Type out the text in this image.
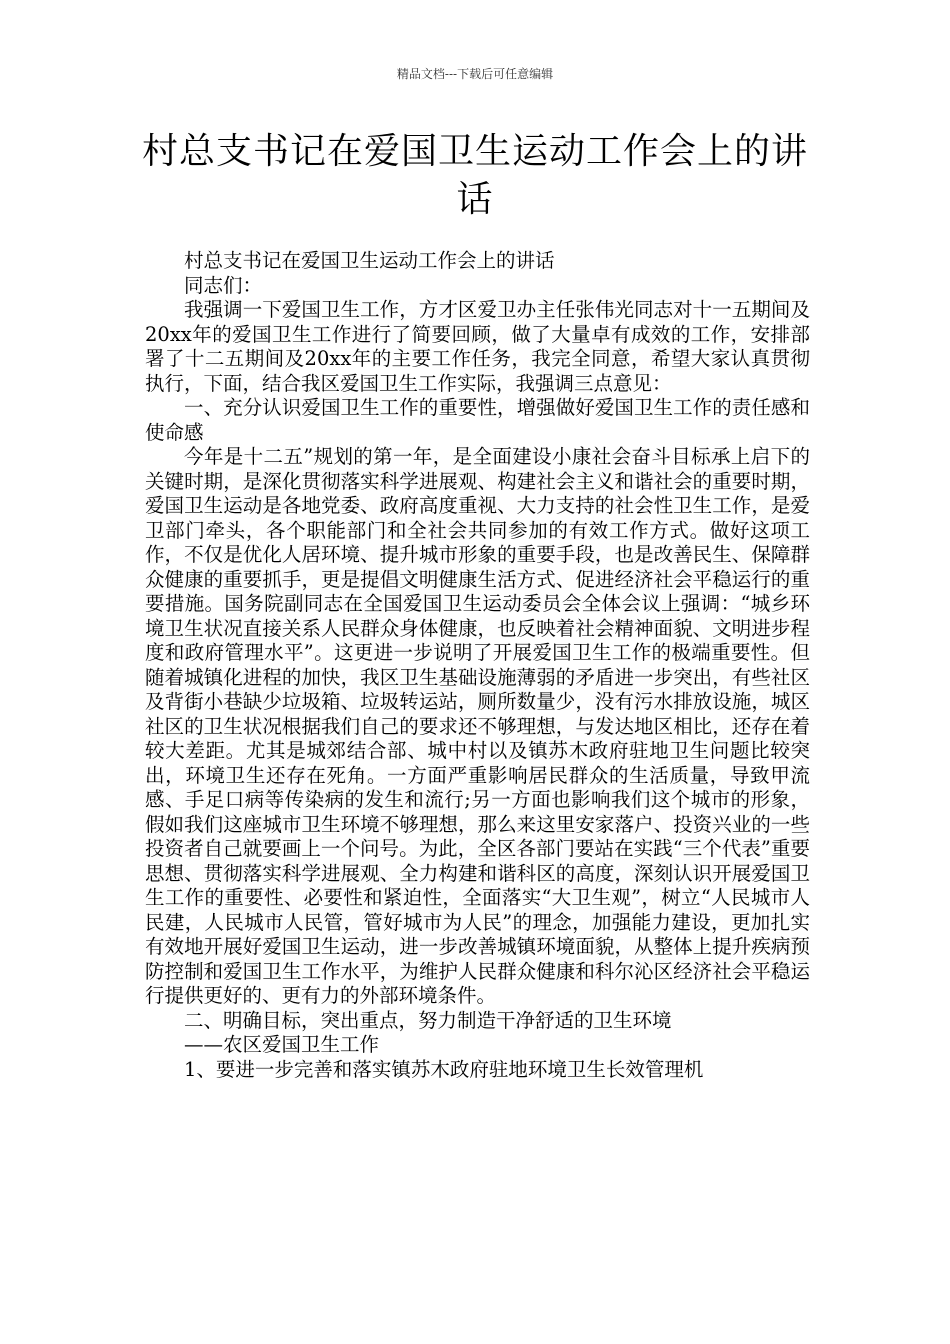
精品文档---下载后可任意编辑
村总支书记在爱国卫生运动工作会上的讲话

村总支书记在爱国卫生运动工作会上的讲话

同志们：

我强调一下爱国卫生工作，方才区爱卫办主任张伟光同志对十一五期间及20xx年的爱国卫生工作进行了简要回顾，做了大量卓有成效的工作，安排部署了十二五期间及20xx年的主要工作任务，我完全同意，希望大家认真贯彻执行，下面，结合我区爱国卫生工作实际，我强调三点意见：

一、充分认识爱国卫生工作的重要性，增强做好爱国卫生工作的责任感和使命感

今年是十二五”规划的第一年，是全面建设小康社会奋斗目标承上启下的关键时期，是深化贯彻落实科学进展观、构建社会主义和谐社会的重要时期，爱国卫生运动是各地党委、政府高度重视、大力支持的社会性卫生工作，是爱卫部门牵头，各个职能部门和全社会共同参加的有效工作方式。做好这项工作，不仅是优化人居环境、提升城市形象的重要手段，也是改善民生、保障群众健康的重要抓手，更是提倡文明健康生活方式、促进经济社会平稳运行的重要措施。国务院副同志在全国爱国卫生运动委员会全体会议上强调：“城乡环境卫生状况直接关系人民群众身体健康，也反映着社会精神面貌、文明进步程度和政府管理水平”。这更进一步说明了开展爱国卫生工作的极端重要性。但随着城镇化进程的加快，我区卫生基础设施薄弱的矛盾进一步突出，有些社区及背街小巷缺少垃圾箱、垃圾转运站，厕所数量少，没有污水排放设施，城区社区的卫生状况根据我们自己的要求还不够理想，与发达地区相比，还存在着较大差距。尤其是城郊结合部、城中村以及镇苏木政府驻地卫生问题比较突出，环境卫生还存在死角。一方面严重影响居民群众的生活质量，导致甲流感、手足口病等传染病的发生和流行;另一方面也影响我们这个城市的形象，假如我们这座城市卫生环境不够理想，那么来这里安家落户、投资兴业的一些投资者自己就要画上一个问号。为此，全区各部门要站在实践“三个代表”重要思想、贯彻落实科学进展观、全力构建和谐科区的高度，深刻认识开展爱国卫生工作的重要性、必要性和紧迫性，全面落实“大卫生观”，树立“人民城市人民建，人民城市人民管，管好城市为人民”的理念，加强能力建设，更加扎实有效地开展好爱国卫生运动，进一步改善城镇环境面貌，从整体上提升疾病预防控制和爱国卫生工作水平，为维护人民群众健康和科尔沁区经济社会平稳运行提供更好的、更有力的外部环境条件。

二、明确目标，突出重点，努力制造干净舒适的卫生环境

——农区爱国卫生工作

1、要进一步完善和落实镇苏木政府驻地环境卫生长效管理机
